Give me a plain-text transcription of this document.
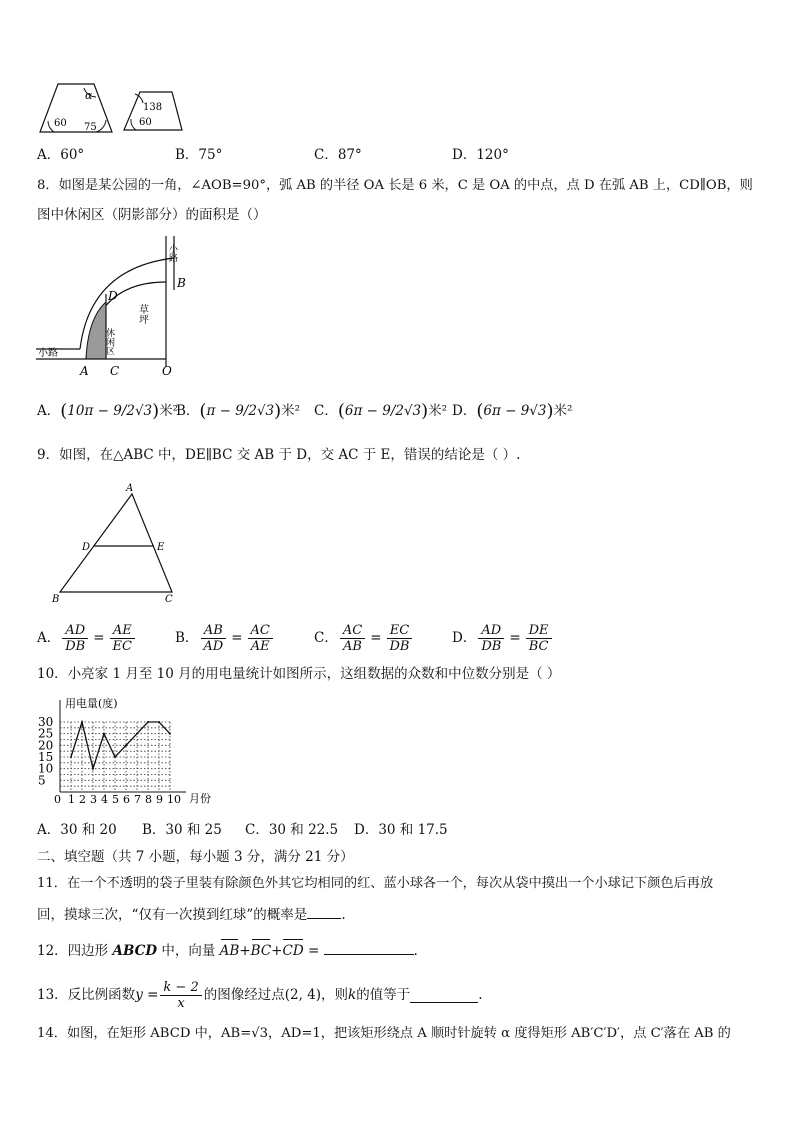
α
60 75
138
60
A．60°	B．75°	C．87°	D．120°
8．如图是某公园的一角，∠AOB=90°，弧 AB 的半径 OA 长是 6 米，C 是 OA 的中点，点 D 在弧 AB 上，CD∥OB，则
图中休闲区（阴影部分）的面积是（）
小路
小路	休闲区
草坪
A C	O
B
D
A．(10π − 9/2√3)米²
B．(π − 9/2√3)米² C．(6π − 9/2√3)米² D．(6π − 9√3)米²
9．如图，在△ABC 中，DE∥BC 交 AB 于 D，交 AC 于 E，错误的结论是（ ）.
A
D	E
B	C
A． $\frac{AD}{DB} = \frac{AE}{EC}$	B． $\frac{AB}{AD} = \frac{AC}{AE}$	C． $\frac{AC}{AB} = \frac{EC}{DB}$	D． $\frac{AD}{DB} = \frac{DE}{BC}$
10．小亮家 1 月至 10 月的用电量统计如图所示，这组数据的众数和中位数分别是（ ）
0 1 2 3 4 5 6 7 8 9 10
5
10
15
20
25
30
用电量(度)
月份
A．30 和 20 B．30 和 25 C．30 和 22.5 D．30 和 17.5
二、填空题（共 7 小题，每小题 3 分，满分 21 分）
11．在一个不透明的袋子里装有除颜色外其它均相同的红、蓝小球各一个，每次从袋中摸出一个小球记下颜色后再放
回，摸球三次，“仅有一次摸到红球”的概率是	.
12．四边形 ABCD 中，向量 AB+BC+CD =	.
13．反比例函数 $y = \frac{k - 2}{x}$ 的图像经过点(2, 4)，则 k 的值等于	.
14．如图，在矩形 ABCD 中，AB=√3，AD=1，把该矩形绕点 A 顺时针旋转 α 度得矩形 AB′C′D′，点 C′落在 AB 的
